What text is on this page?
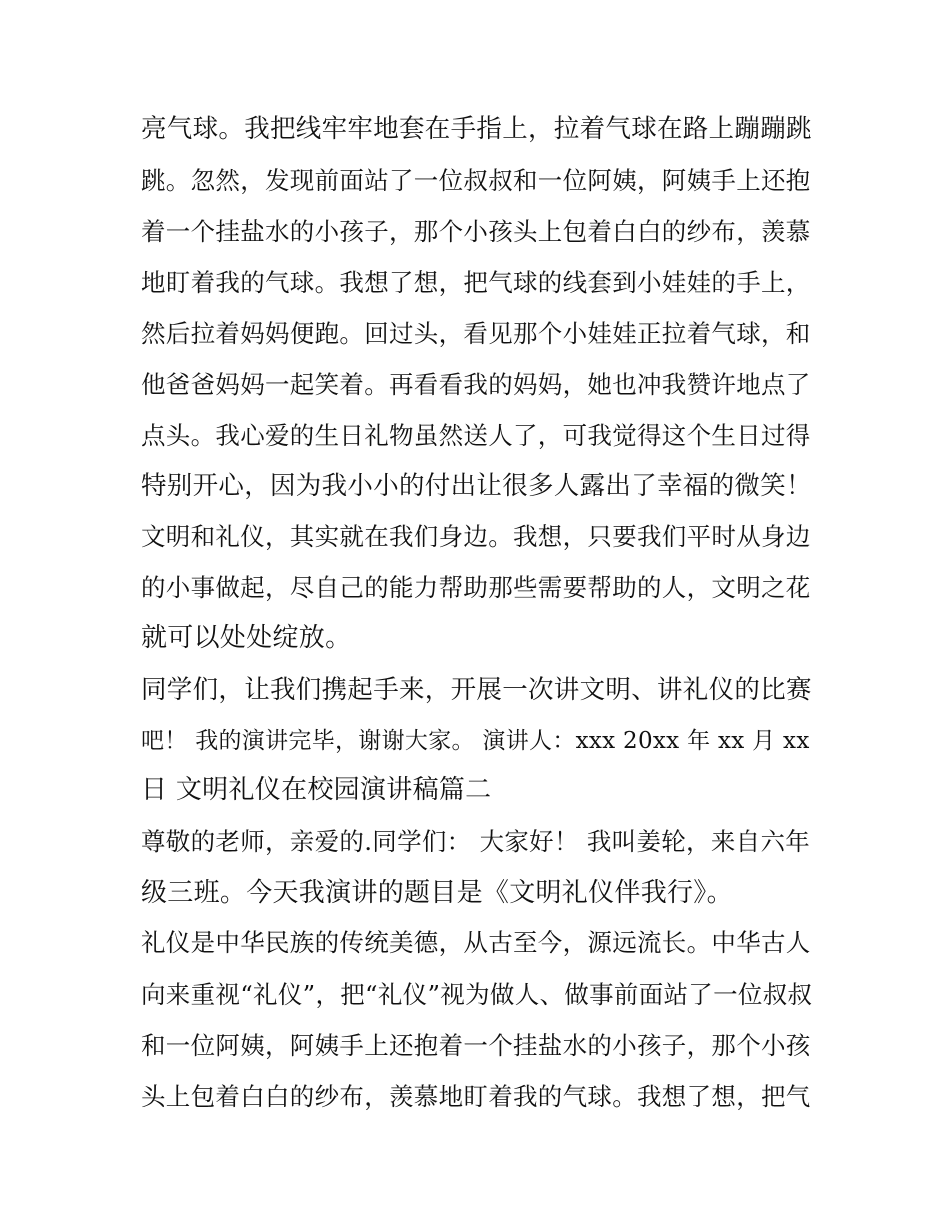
亮气球。我把线牢牢地套在手指上，拉着气球在路上蹦蹦跳
跳。忽然，发现前面站了一位叔叔和一位阿姨，阿姨手上还抱
着一个挂盐水的小孩子，那个小孩头上包着白白的纱布，羡慕
地盯着我的气球。我想了想，把气球的线套到小娃娃的手上，
然后拉着妈妈便跑。回过头，看见那个小娃娃正拉着气球，和
他爸爸妈妈一起笑着。再看看我的妈妈，她也冲我赞许地点了
点头。我心爱的生日礼物虽然送人了，可我觉得这个生日过得
特别开心，因为我小小的付出让很多人露出了幸福的微笑！
文明和礼仪，其实就在我们身边。我想，只要我们平时从身边
的小事做起，尽自己的能力帮助那些需要帮助的人，文明之花
就可以处处绽放。
同学们，让我们携起手来，开展一次讲文明、讲礼仪的比赛
吧！ 我的演讲完毕，谢谢大家。 演讲人：xxx 20xx 年 xx 月 xx
日 文明礼仪在校园演讲稿篇二
尊敬的老师，亲爱的.同学们： 大家好！ 我叫姜轮，来自六年
级三班。今天我演讲的题目是《文明礼仪伴我行》。
礼仪是中华民族的传统美德，从古至今，源远流长。中华古人
向来重视“礼仪”，把“礼仪”视为做人、做事前面站了一位叔叔
和一位阿姨，阿姨手上还抱着一个挂盐水的小孩子，那个小孩
头上包着白白的纱布，羡慕地盯着我的气球。我想了想，把气
